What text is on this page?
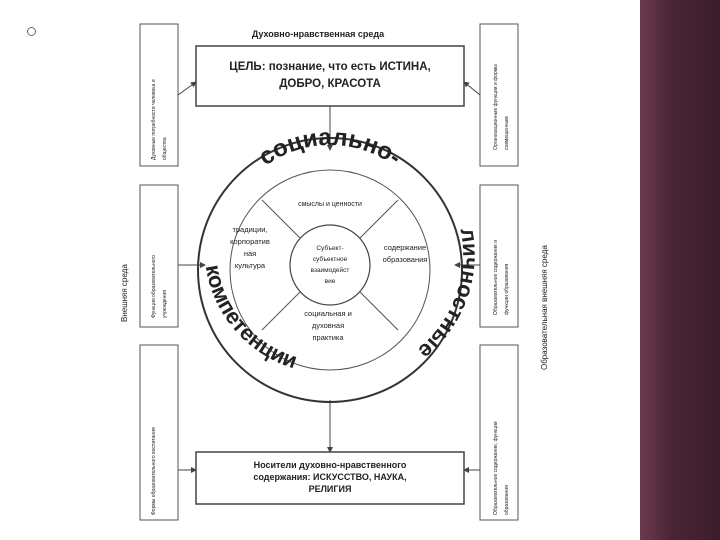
Духовно-нравственная среда
ЦЕЛЬ: познание, что есть ИСТИНА,
ДОБРО, КРАСОТА
Духовные потребности человека и общества
Функции образовательного учреждения
Формы образовательного воспитания
Внешняя среда
Организационные функции и формы совмещенным
Образовательное содержание и функции образования
Образовательное содержание, функции образования
Образовательная внешняя среда
социально-
личностные
компетенции
смыслы и ценности
традиции,
корпоратив
ная
культура
содержание
образования
социальная и
духовная
практика
Субъект-
субъектное
взаимодейст
вие
Носители духовно-нравственного
содержания: ИСКУССТВО, НАУКА,
РЕЛИГИЯ
